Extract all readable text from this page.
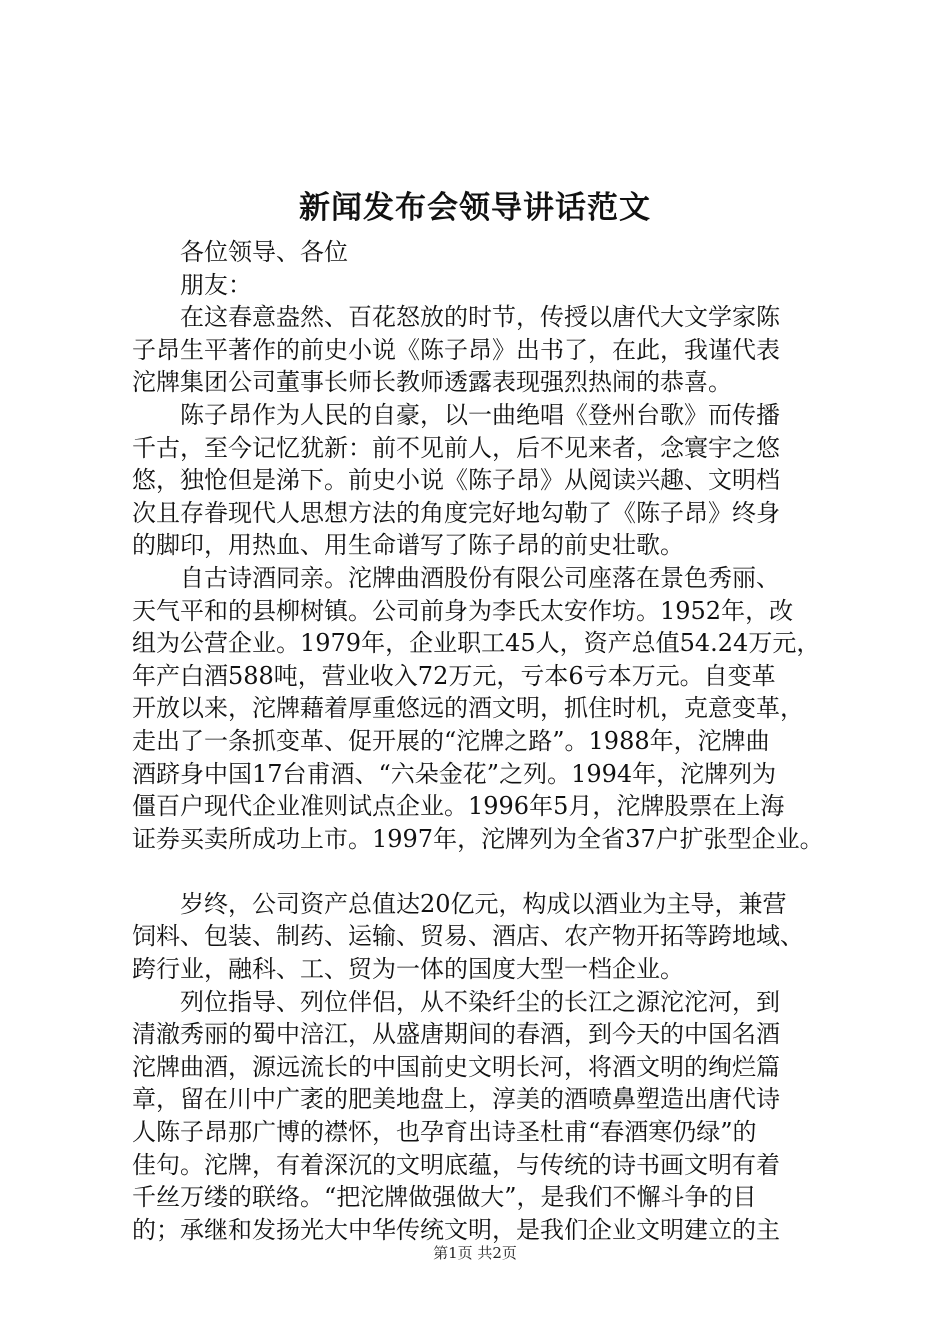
新闻发布会领导讲话范文
各位领导、各位
朋友：
在这春意盎然、百花怒放的时节，传授以唐代大文学家陈
子昂生平著作的前史小说《陈子昂》出书了，在此，我谨代表
沱牌集团公司董事长师长教师透露表现强烈热闹的恭喜。
陈子昂作为人民的自豪，以一曲绝唱《登州台歌》而传播
千古，至今记忆犹新：前不见前人，后不见来者，念寰宇之悠
悠，独怆但是涕下。前史小说《陈子昂》从阅读兴趣、文明档
次且存眷现代人思想方法的角度完好地勾勒了《陈子昂》终身
的脚印，用热血、用生命谱写了陈子昂的前史壮歌。
自古诗酒同亲。沱牌曲酒股份有限公司座落在景色秀丽、
天气平和的县柳树镇。公司前身为李氏太安作坊。1952年，改
组为公营企业。1979年，企业职工45人，资产总值54.24万元，
年产白酒588吨，营业收入72万元，亏本6亏本万元。自变革
开放以来，沱牌藉着厚重悠远的酒文明，抓住时机，克意变革，
走出了一条抓变革、促开展的“沱牌之路”。1988年，沱牌曲
酒跻身中国17台甫酒、“六朵金花”之列。1994年，沱牌列为
僵百户现代企业准则试点企业。1996年5月，沱牌股票在上海
证券买卖所成功上市。1997年，沱牌列为全省37户扩张型企业。
岁终，公司资产总值达20亿元，构成以酒业为主导，兼营
饲料、包装、制药、运输、贸易、酒店、农产物开拓等跨地域、
跨行业，融科、工、贸为一体的国度大型一档企业。
列位指导、列位伴侣，从不染纤尘的长江之源沱沱河，到
清澈秀丽的蜀中涪江，从盛唐期间的春酒，到今天的中国名酒
沱牌曲酒，源远流长的中国前史文明长河，将酒文明的绚烂篇
章，留在川中广袤的肥美地盘上，淳美的酒喷鼻塑造出唐代诗
人陈子昂那广博的襟怀，也孕育出诗圣杜甫“春酒寒仍绿”的
佳句。沱牌，有着深沉的文明底蕴，与传统的诗书画文明有着
千丝万缕的联络。“把沱牌做强做大”，是我们不懈斗争的目
的；承继和发扬光大中华传统文明，是我们企业文明建立的主
第1页 共2页
